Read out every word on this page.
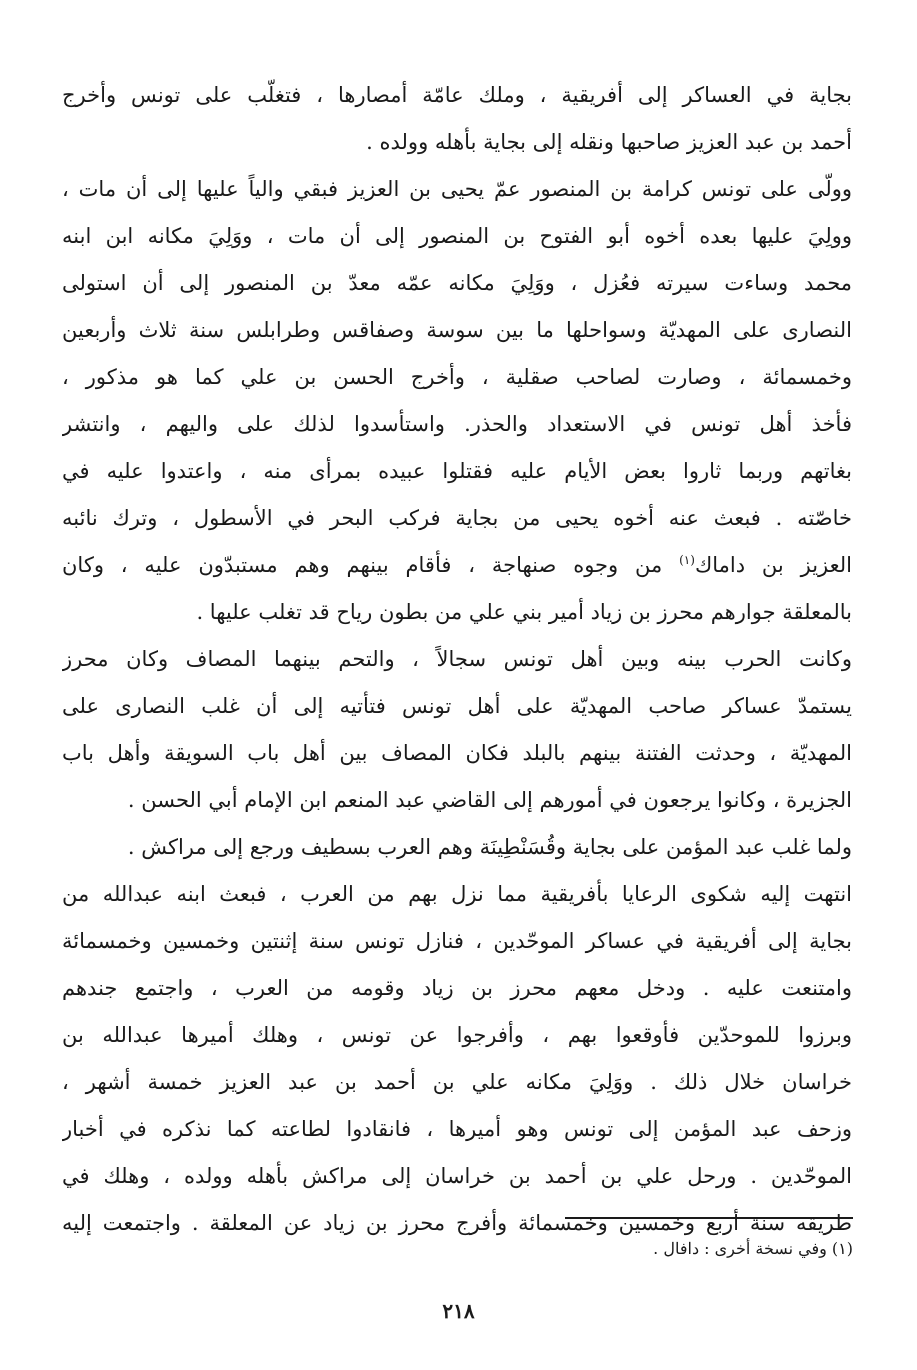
بجاية في العساكر إلى أفريقية ، وملك عامّة أمصارها ، فتغلّب على تونس وأخرج
أحمد بن عبد العزيز صاحبها ونقله إلى بجاية بأهله وولده .
وولّى على تونس كرامة بن المنصور عمّ يحيى بن العزيز فبقي والياً عليها إلى أن مات ،
وولِيَ عليها بعده أخوه أبو الفتوح بن المنصور إلى أن مات ، ووَلِيَ مكانه ابن ابنه
محمد وساءت سيرته فعُزل ، ووَلِيَ مكانه عمّه معدّ بن المنصور إلى أن استولى
النصارى على المهديّة وسواحلها ما بين سوسة وصفاقس وطرابلس سنة ثلاث وأربعين
وخمسمائة ، وصارت لصاحب صقلية ، وأخرج الحسن بن علي كما هو مذكور ،
فأخذ أهل تونس في الاستعداد والحذر. واستأسدوا لذلك على واليهم ، وانتشر
بغاتهم وربما ثاروا بعض الأيام عليه فقتلوا عبيده بمرأى منه ، واعتدوا عليه في
خاصّته . فبعث عنه أخوه يحيى من بجاية فركب البحر في الأسطول ، وترك نائبه
العزيز بن داماك$^{(١)}$ من وجوه صنهاجة ، فأقام بينهم وهم مستبدّون عليه ، وكان
بالمعلقة جوارهم محرز بن زياد أمير بني علي من بطون رياح قد تغلب عليها .
وكانت الحرب بينه وبين أهل تونس سجالاً ، والتحم بينهما المصاف وكان محرز
يستمدّ عساكر صاحب المهديّة على أهل تونس فتأتيه إلى أن غلب النصارى على
المهديّة ، وحدثت الفتنة بينهم بالبلد فكان المصاف بين أهل باب السويقة وأهل باب
الجزيرة ، وكانوا يرجعون في أمورهم إلى القاضي عبد المنعم ابن الإمام أبي الحسن .
ولما غلب عبد المؤمن على بجاية وقُسَنْطِينَة وهم العرب بسطيف ورجع إلى مراكش .
انتهت إليه شكوى الرعايا بأفريقية مما نزل بهم من العرب ، فبعث ابنه عبدالله من
بجاية إلى أفريقية في عساكر الموحّدين ، فنازل تونس سنة إثنتين وخمسين وخمسمائة
وامتنعت عليه . ودخل معهم محرز بن زياد وقومه من العرب ، واجتمع جندهم
وبرزوا للموحدّين فأوقعوا بهم ، وأفرجوا عن تونس ، وهلك أميرها عبدالله بن
خراسان خلال ذلك . ووَلِيَ مكانه علي بن أحمد بن عبد العزيز خمسة أشهر ،
وزحف عبد المؤمن إلى تونس وهو أميرها ، فانقادوا لطاعته كما نذكره في أخبار
الموحّدين . ورحل علي بن أحمد بن خراسان إلى مراكش بأهله وولده ، وهلك في
طريقه سنة أربع وخمسين وخمسمائة وأفرج محرز بن زياد عن المعلقة . واجتمعت إليه
(١) وفي نسخة أخرى : دافال .
٢١٨
